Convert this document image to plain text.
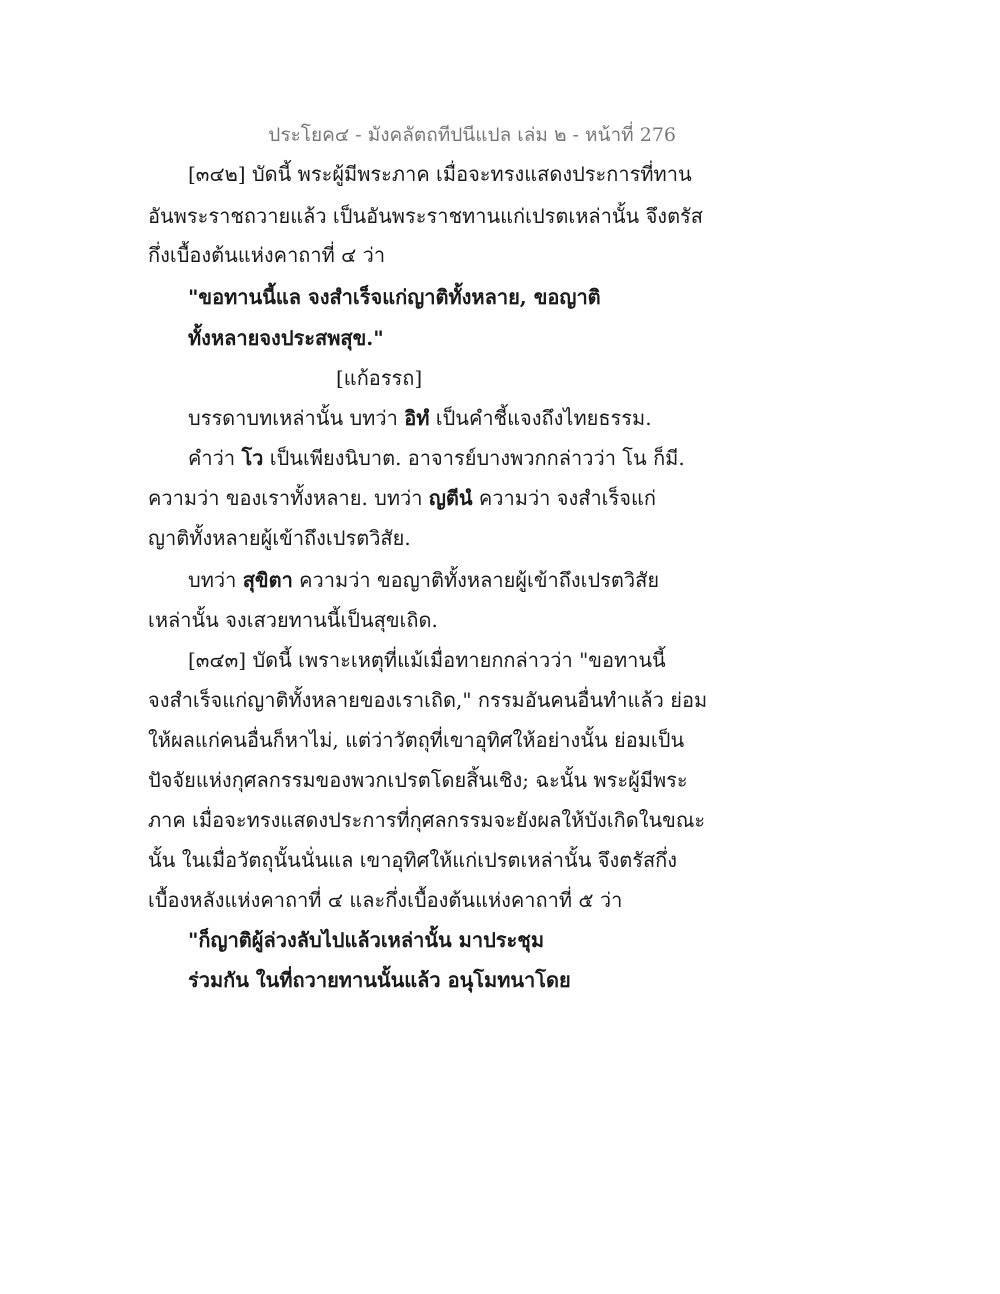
ประโยค๔ - มังคลัตถทีปนีแปล เล่ม ๒ - หน้าที่ 276
[๓๔๒] บัดนี้ พระผู้มีพระภาค เมื่อจะทรงแสดงประการที่ทาน
อันพระราชถวายแล้ว เป็นอันพระราชทานแก่เปรตเหล่านั้น จึงตรัส
กึ่งเบื้องต้นแห่งคาถาที่ ๔ ว่า
"ขอทานนี้แล จงสำเร็จแก่ญาติทั้งหลาย, ขอญาติ
ทั้งหลายจงประสพสุข."
[แก้อรรถ]
บรรดาบทเหล่านั้น บทว่า อิทํ เป็นคำชี้แจงถึงไทยธรรม.
คำว่า โว เป็นเพียงนิบาต. อาจารย์บางพวกกล่าวว่า โน ก็มี.
ความว่า ของเราทั้งหลาย. บทว่า ญตีนํ ความว่า จงสำเร็จแก่
ญาติทั้งหลายผู้เข้าถึงเปรตวิสัย.
บทว่า สุขิตา ความว่า ขอญาติทั้งหลายผู้เข้าถึงเปรตวิสัย
เหล่านั้น จงเสวยทานนี้เป็นสุขเถิด.
[๓๔๓] บัดนี้ เพราะเหตุที่แม้เมื่อทายกกล่าวว่า "ขอทานนี้
จงสำเร็จแก่ญาติทั้งหลายของเราเถิด," กรรมอันคนอื่นทำแล้ว ย่อม
ให้ผลแก่คนอื่นก็หาไม่, แต่ว่าวัตถุที่เขาอุทิศให้อย่างนั้น ย่อมเป็น
ปัจจัยแห่งกุศลกรรมของพวกเปรตโดยสิ้นเชิง; ฉะนั้น พระผู้มีพระ
ภาค เมื่อจะทรงแสดงประการที่กุศลกรรมจะยังผลให้บังเกิดในขณะ
นั้น ในเมื่อวัตถุนั้นนั่นแล เขาอุทิศให้แก่เปรตเหล่านั้น จึงตรัสกึ่ง
เบื้องหลังแห่งคาถาที่ ๔ และกึ่งเบื้องต้นแห่งคาถาที่ ๕ ว่า
"ก็ญาติผู้ล่วงลับไปแล้วเหล่านั้น มาประชุม
ร่วมกัน ในที่ถวายทานนั้นแล้ว อนุโมทนาโดย
